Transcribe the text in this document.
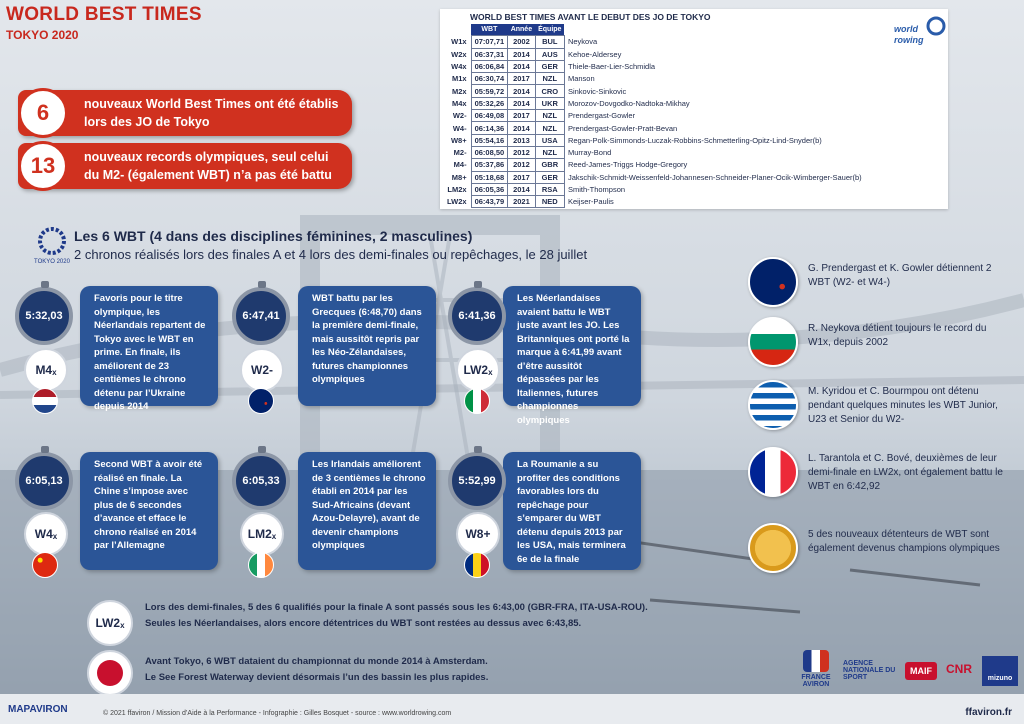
WORLD BEST TIMES
TOKYO 2020
6	nouveaux World Best Times ont été établis lors des JO de Tokyo
13	nouveaux records olympiques, seul celui du M2- (également WBT) n’a pas été battu
WORLD BEST TIMES AVANT LE DEBUT DES JO DE TOKYO
	WBT	Année	Équipe	
W1x	07:07,71	2002	BUL	Neykova
W2x	06:37,31	2014	AUS	Kehoe-Aldersey
W4x	06:06,84	2014	GER	Thiele-Baer-Lier-Schmidla
M1x	06:30,74	2017	NZL	Manson
M2x	05:59,72	2014	CRO	Sinkovic-Sinkovic
M4x	05:32,26	2014	UKR	Morozov-Dovgodko-Nadtoka-Mikhay
W2-	06:49,08	2017	NZL	Prendergast-Gowler
W4-	06:14,36	2014	NZL	Prendergast-Gowler-Pratt-Bevan
W8+	05:54,16	2013	USA	Regan-Polk-Simmonds-Luczak-Robbins-Schmetterling-Opitz-Lind-Snyder(b)
M2-	06:08,50	2012	NZL	Murray-Bond
M4-	05:37,86	2012	GBR	Reed-James-Triggs Hodge-Gregory
M8+	05:18,68	2017	GER	Jakschik-Schmidt-Weissenfeld-Johannesen-Schneider-Planer-Ocik-Wimberger-Sauer(b)
LM2x	06:05,36	2014	RSA	Smith-Thompson
LW2x	06:43,79	2021	NED	Keijser-Paulis
world
rowing
TOKYO 2020
Les 6 WBT (4 dans des disciplines féminines, 2 masculines)
2 chronos réalisés lors des finales A et 4 lors des demi-finales ou repêchages, le 28 juillet
Favoris pour le titre olympique, les Néerlandais repartent de Tokyo avec le WBT en prime. En finale, ils améliorent de 23 centièmes le chrono détenu par l’Ukraine depuis 2014
5:32,03
M4 x
WBT battu par les Grecques (6:48,70) dans la première demi-finale, mais aussitôt repris par les Néo-Zélandaises, futures championnes olympiques
6:47,41
W2-
Les Néerlandaises avaient battu le WBT juste avant les JO. Les Britanniques ont porté la marque à 6:41,99 avant d’être aussitôt dépassées par les Italiennes, futures championnes olympiques
6:41,36
LW2 x
Second WBT à avoir été réalisé en finale. La Chine s’impose avec plus de 6 secondes d’avance et efface le chrono réalisé en 2014 par l’Allemagne
6:05,13
W4 x
Les Irlandais améliorent de 3 centièmes le chrono établi en 2014 par les Sud-Africains (devant Azou-Delayre), avant de devenir champions olympiques
6:05,33
LM2 x
La Roumanie a su profiter des conditions favorables lors du repêchage pour s’emparer du WBT détenu depuis 2013 par les USA, mais terminera 6e de la finale
5:52,99
W8+
G. Prendergast et K. Gowler détiennent 2 WBT (W2- et W4-)
R. Neykova détient toujours le record du W1x, depuis 2002
M. Kyridou et C. Bourmpou ont détenu pendant quelques minutes les WBT Junior, U23 et Senior du W2-
L. Tarantola et C. Bové, deuxièmes de leur demi-finale en LW2x, ont également battu le WBT en 6:42,92
5 des nouveaux détenteurs de WBT sont également devenus champions olympiques
LW2 x
Lors des demi-finales, 5 des 6 qualifiés pour la finale A sont passés sous les 6:43,00 (GBR-FRA, ITA-USA-ROU).
Seules les Néerlandaises, alors encore détentrices du WBT sont restées au dessus avec 6:43,85.
Avant Tokyo, 6 WBT dataient du championnat du monde 2014 à Amsterdam.
Le See Forest Waterway devient désormais l’un des bassin les plus rapides.
© 2021 ffaviron / Mission d’Aide à la Performance - Infographie : Gilles Bosquet - source : www.worldrowing.com	ffaviron.fr
MAPAVIRON
FRANCE AVIRON
AGENCE NATIONALE DU SPORT
MAIF	CNR
mizuno
